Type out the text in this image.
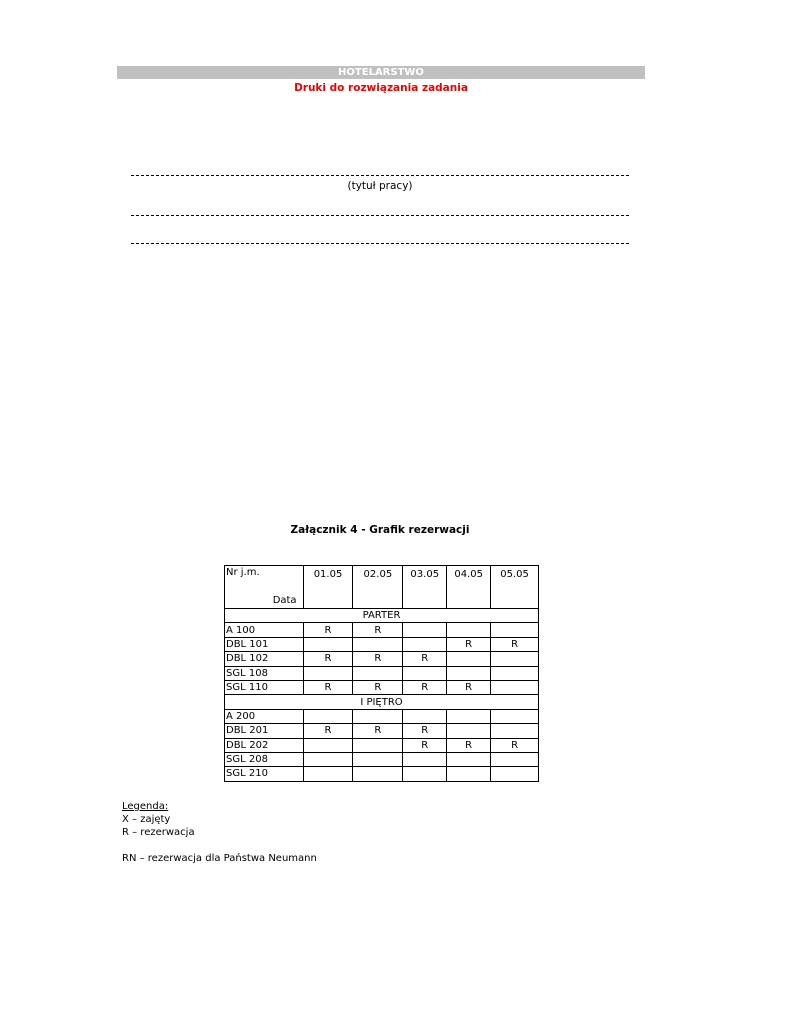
HOTELARSTWO
Druki do rozwiązania zadania
(tytuł pracy)
Załącznik 4 - Grafik rezerwacji
Nr j.m.
Data	01.05	02.05	03.05	04.05	05.05
PARTER					
A 100	R	R			
DBL 101				R	R
DBL 102	R	R	R		
SGL 108					
SGL 110	R	R	R	R	
I PIĘTRO					
A 200					
DBL 201	R	R	R		
DBL 202			R	R	R
SGL 208					
SGL 210					
Legenda:
X – zajęty
R – rezerwacja
RN – rezerwacja dla Państwa Neumann
